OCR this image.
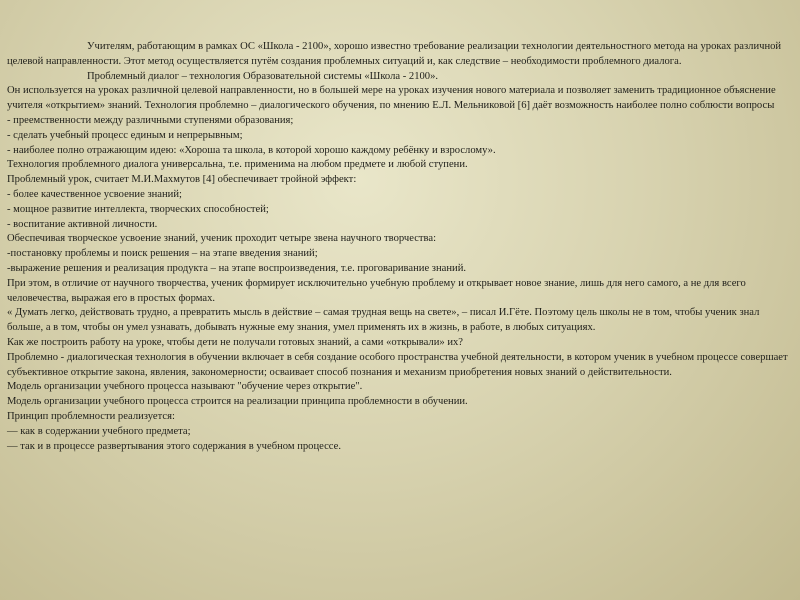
Учителям, работающим в рамках ОС «Школа - 2100», хорошо известно требование реализации технологии деятельностного метода на уроках различной целевой направленности. Этот метод осуществляется путём создания проблемных ситуаций и, как следствие – необходимости проблемного диалога.

Проблемный диалог – технология Образовательной системы «Школа - 2100».

Он используется на уроках различной целевой направленности, но в большей мере на уроках изучения нового материала и позволяет заменить традиционное объяснение учителя «открытием» знаний. Технология проблемно – диалогического обучения, по мнению Е.Л. Мельниковой [6] даёт возможность наиболее полно соблюсти вопросы

- преемственности между различными ступенями образования;

- сделать учебный процесс единым и непрерывным;

- наиболее полно отражающим идею: «Хороша та школа, в которой хорошо каждому ребёнку и взрослому».

Технология проблемного диалога универсальна, т.е. применима на любом предмете и любой ступени.

Проблемный урок, считает М.И.Махмутов [4] обеспечивает тройной эффект:

- более качественное усвоение знаний;

- мощное развитие интеллекта, творческих способностей;

- воспитание активной личности.

Обеспечивая творческое усвоение знаний, ученик проходит четыре звена научного творчества:

-постановку проблемы и поиск решения – на этапе введения знаний;

-выражение решения и реализация продукта – на этапе воспроизведения, т.е. проговаривание знаний.

При этом, в отличие от научного творчества, ученик формирует исключительно учебную проблему и открывает новое знание, лишь для него самого, а не для всего человечества, выражая его в простых формах.

« Думать легко, действовать трудно, а превратить мысль в действие – самая трудная вещь на свете», – писал И.Гёте. Поэтому цель школы не в том, чтобы ученик знал больше, а в том, чтобы он умел узнавать, добывать нужные ему знания, умел применять их в жизнь, в работе, в любых ситуациях.

Как же построить работу на уроке, чтобы дети не получали готовых знаний, а сами «открывали» их?

Проблемно - диалогическая технология в обучении включает в себя создание особого пространства учебной деятельности, в котором ученик в учебном процессе совершает субъективное открытие закона, явления, закономерности; осваивает способ познания и механизм приобретения новых знаний о действительности.

Модель организации учебного процесса называют "обучение через открытие".

Модель организации учебного процесса строится на реализации принципа проблемности в обучении.

Принцип проблемности реализуется:

— как в содержании учебного предмета;

— так и в процессе развертывания этого содержания в учебном процессе.
